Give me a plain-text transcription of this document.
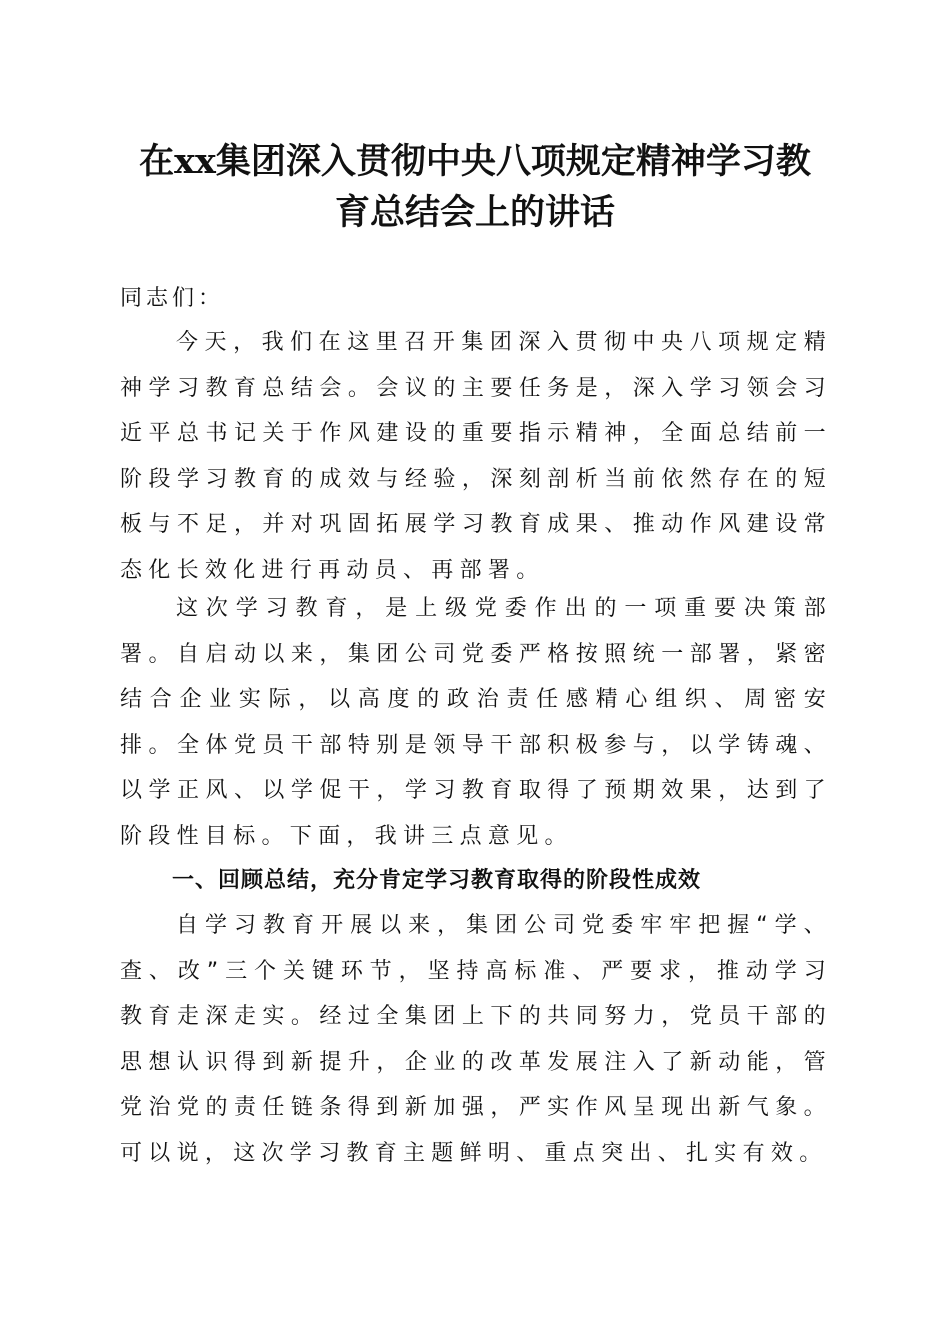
在xx集团深入贯彻中央八项规定精神学习教
育总结会上的讲话

同志们：

今天，我们在这里召开集团深入贯彻中央八项规定精神学习教育总结会。会议的主要任务是，深入学习领会习近平总书记关于作风建设的重要指示精神，全面总结前一阶段学习教育的成效与经验，深刻剖析当前依然存在的短板与不足，并对巩固拓展学习教育成果、推动作风建设常态化长效化进行再动员、再部署。

这次学习教育，是上级党委作出的一项重要决策部署。自启动以来，集团公司党委严格按照统一部署，紧密结合企业实际，以高度的政治责任感精心组织、周密安排。全体党员干部特别是领导干部积极参与，以学铸魂、以学正风、以学促干，学习教育取得了预期效果，达到了阶段性目标。下面，我讲三点意见。

一、回顾总结，充分肯定学习教育取得的阶段性成效

自学习教育开展以来，集团公司党委牢牢把握“学、查、改”三个关键环节，坚持高标准、严要求，推动学习教育走深走实。经过全集团上下的共同努力，党员干部的思想认识得到新提升，企业的改革发展注入了新动能，管党治党的责任链条得到新加强，严实作风呈现出新气象。可以说，这次学习教育主题鲜明、重点突出、扎实有效。
